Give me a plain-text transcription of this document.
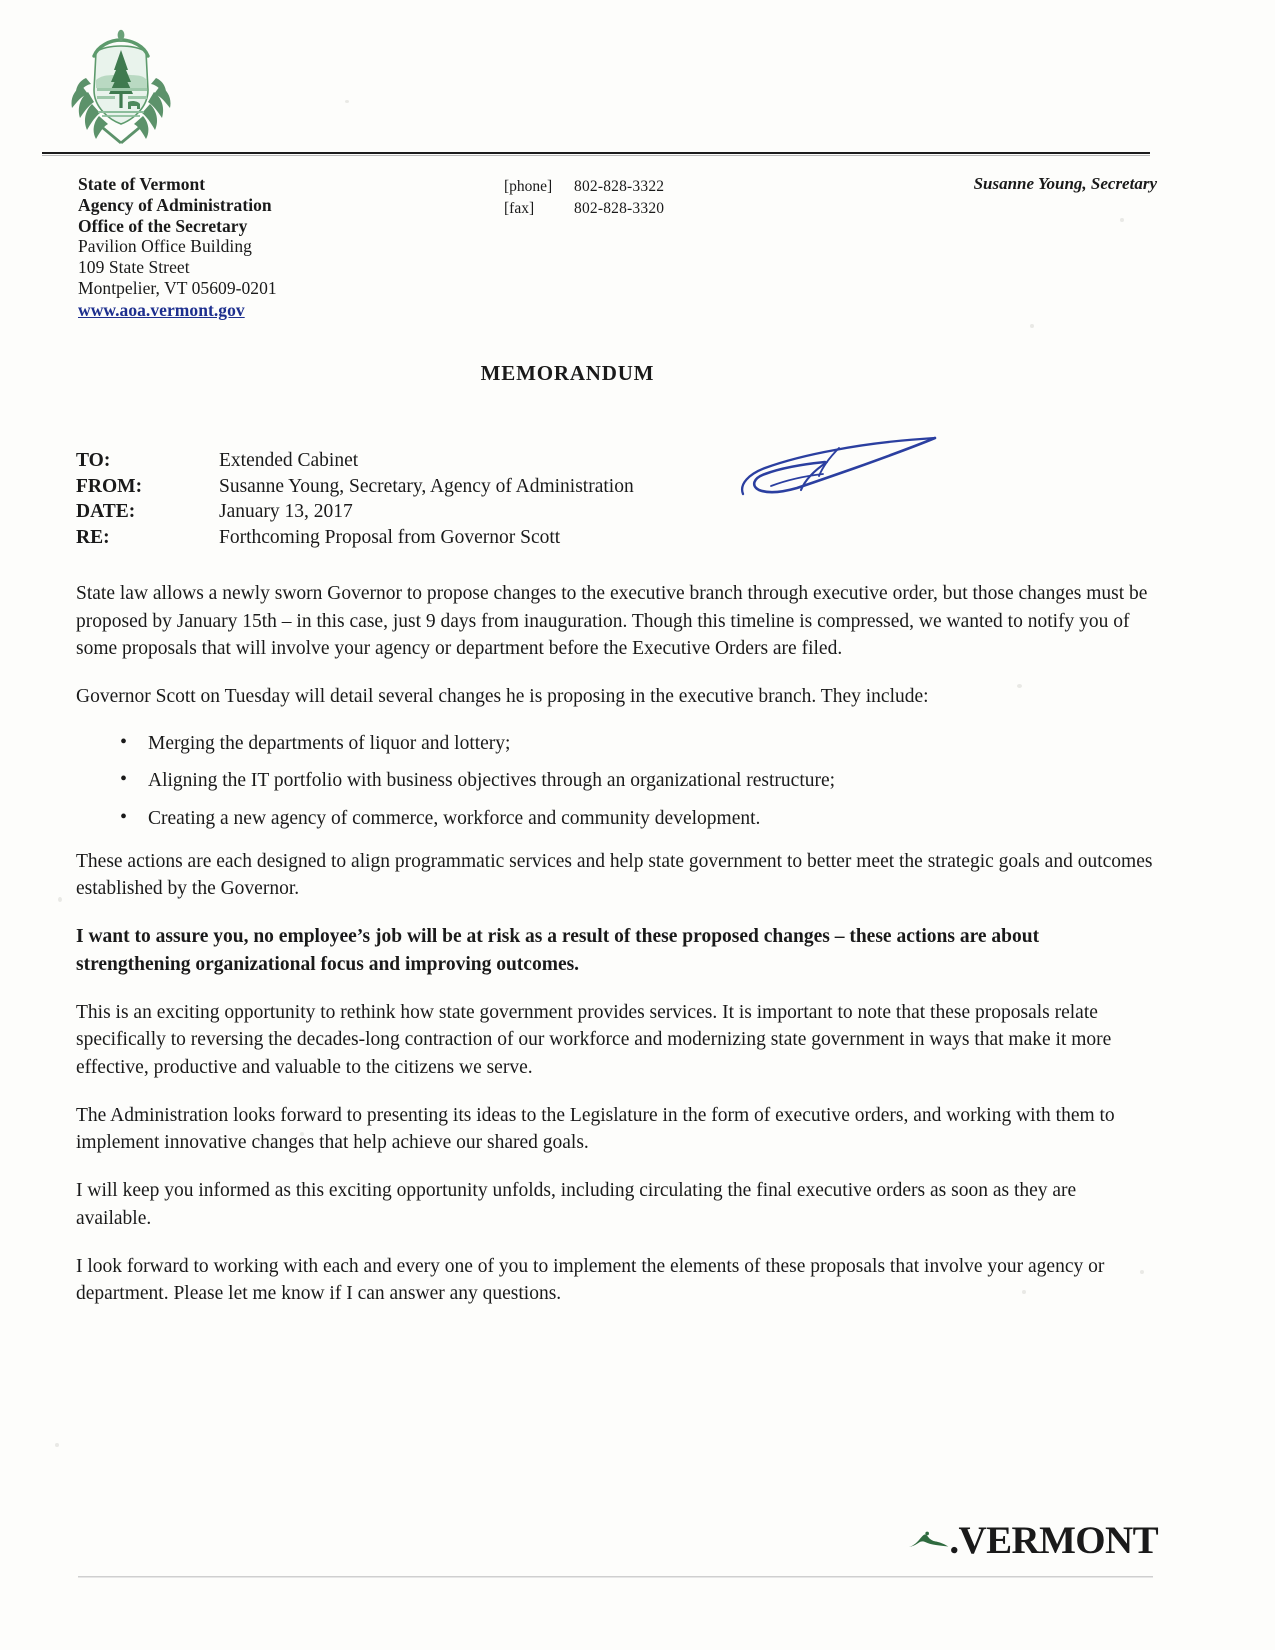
State of Vermont
Agency of Administration
Office of the Secretary
Pavilion Office Building
109 State Street
Montpelier, VT 05609-0201
www.aoa.vermont.gov
[phone]	802-828-3322
[fax]	802-828-3320
Susanne Young, Secretary
MEMORANDUM
TO:	Extended Cabinet
FROM:	Susanne Young, Secretary, Agency of Administration
DATE:	January 13, 2017
RE:	Forthcoming Proposal from Governor Scott

State law allows a newly sworn Governor to propose changes to the executive branch through executive order, but those changes must be proposed by January 15th – in this case, just 9 days from inauguration. Though this timeline is compressed, we wanted to notify you of some proposals that will involve your agency or department before the Executive Orders are filed.

Governor Scott on Tuesday will detail several changes he is proposing in the executive branch. They include:

• Merging the departments of liquor and lottery;
• Aligning the IT portfolio with business objectives through an organizational restructure;
• Creating a new agency of commerce, workforce and community development.

These actions are each designed to align programmatic services and help state government to better meet the strategic goals and outcomes established by the Governor.

I want to assure you, no employee’s job will be at risk as a result of these proposed changes – these actions are about strengthening organizational focus and improving outcomes.

This is an exciting opportunity to rethink how state government provides services. It is important to note that these proposals relate specifically to reversing the decades-long contraction of our workforce and modernizing state government in ways that make it more effective, productive and valuable to the citizens we serve.

The Administration looks forward to presenting its ideas to the Legislature in the form of executive orders, and working with them to implement innovative changes that help achieve our shared goals.

I will keep you informed as this exciting opportunity unfolds, including circulating the final executive orders as soon as they are available.

I look forward to working with each and every one of you to implement the elements of these proposals that involve your agency or department. Please let me know if I can answer any questions.

.VERMONT
